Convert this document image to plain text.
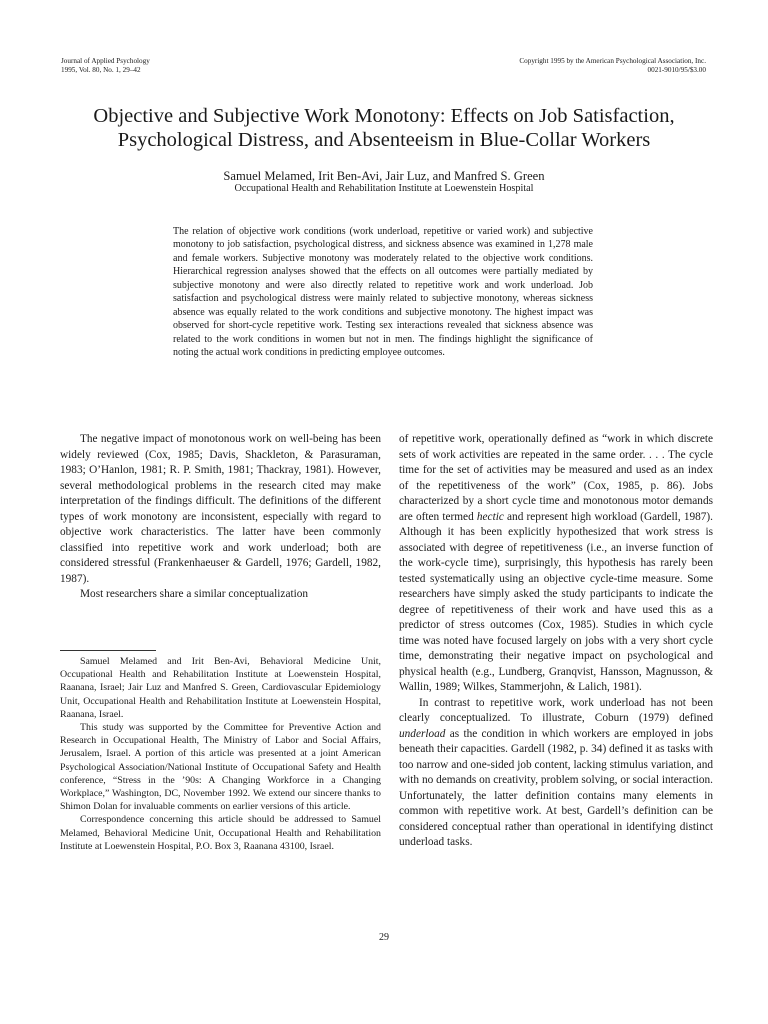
Journal of Applied Psychology
1995, Vol. 80, No. 1, 29–42
Copyright 1995 by the American Psychological Association, Inc.
0021-9010/95/$3.00
Objective and Subjective Work Monotony: Effects on Job Satisfaction,
Psychological Distress, and Absenteeism in Blue-Collar Workers
Samuel Melamed, Irit Ben-Avi, Jair Luz, and Manfred S. Green
Occupational Health and Rehabilitation Institute at Loewenstein Hospital
The relation of objective work conditions (work underload, repetitive or varied work) and subjective monotony to job satisfaction, psychological distress, and sickness absence was examined in 1,278 male and female workers. Subjective monotony was moderately related to the objective work conditions. Hierarchical regression analyses showed that the effects on all outcomes were partially mediated by subjective monotony and were also directly related to repetitive work and work underload. Job satisfaction and psychological distress were mainly related to subjective monotony, whereas sickness absence was equally related to the work conditions and subjective monotony. The highest impact was observed for short-cycle repetitive work. Testing sex interactions revealed that sickness absence was related to the work conditions in women but not in men. The findings highlight the significance of noting the actual work conditions in predicting employee outcomes.

The negative impact of monotonous work on well-being has been widely reviewed (Cox, 1985; Davis, Shackleton, & Parasuraman, 1983; O’Hanlon, 1981; R. P. Smith, 1981; Thackray, 1981). However, several methodological problems in the research cited may make interpretation of the findings difficult. The definitions of the different types of work monotony are inconsistent, especially with regard to objective work characteristics. The latter have been commonly classified into repetitive work and work underload; both are considered stressful (Frankenhaeuser & Gardell, 1976; Gardell, 1982, 1987).

Most researchers share a similar conceptualization

Samuel Melamed and Irit Ben-Avi, Behavioral Medicine Unit, Occupational Health and Rehabilitation Institute at Loewenstein Hospital, Raanana, Israel; Jair Luz and Manfred S. Green, Cardiovascular Epidemiology Unit, Occupational Health and Rehabilitation Institute at Loewenstein Hospital, Raanana, Israel.

This study was supported by the Committee for Preventive Action and Research in Occupational Health, The Ministry of Labor and Social Affairs, Jerusalem, Israel. A portion of this article was presented at a joint American Psychological Association/National Institute of Occupational Safety and Health conference, “Stress in the ’90s: A Changing Workforce in a Changing Workplace,” Washington, DC, November 1992. We extend our sincere thanks to Shimon Dolan for invaluable comments on earlier versions of this article.

Correspondence concerning this article should be addressed to Samuel Melamed, Behavioral Medicine Unit, Occupational Health and Rehabilitation Institute at Loewenstein Hospital, P.O. Box 3, Raanana 43100, Israel.

of repetitive work, operationally defined as “work in which discrete sets of work activities are repeated in the same order. . . . The cycle time for the set of activities may be measured and used as an index of the repetitiveness of the work” (Cox, 1985, p. 86). Jobs characterized by a short cycle time and monotonous motor demands are often termed hectic and represent high workload (Gardell, 1987). Although it has been explicitly hypothesized that work stress is associated with degree of repetitiveness (i.e., an inverse function of the work-cycle time), surprisingly, this hypothesis has rarely been tested systematically using an objective cycle-time measure. Some researchers have simply asked the study participants to indicate the degree of repetitiveness of their work and have used this as a predictor of stress outcomes (Cox, 1985). Studies in which cycle time was noted have focused largely on jobs with a very short cycle time, demonstrating their negative impact on psychological and physical health (e.g., Lundberg, Granqvist, Hansson, Magnusson, & Wallin, 1989; Wilkes, Stammerjohn, & Lalich, 1981).

In contrast to repetitive work, work underload has not been clearly conceptualized. To illustrate, Coburn (1979) defined underload as the condition in which workers are employed in jobs beneath their capacities. Gardell (1982, p. 34) defined it as tasks with too narrow and one-sided job content, lacking stimulus variation, and with no demands on creativity, problem solving, or social interaction. Unfortunately, the latter definition contains many elements in common with repetitive work. At best, Gardell’s definition can be considered conceptual rather than operational in identifying distinct underload tasks.

29
